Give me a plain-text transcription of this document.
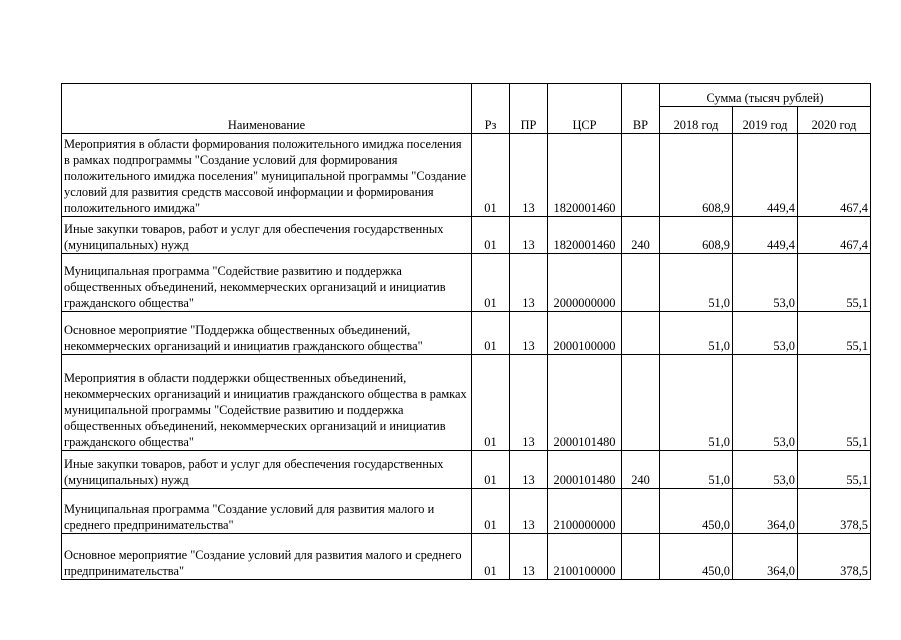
Наименование	Рз	ПР	ЦСР	ВР	Сумма (тысяч рублей)		
					2018 год	2019 год	2020 год
Мероприятия в области формирования положительного имиджа поселения в рамках подпрограммы "Создание условий для формирования положительного имиджа поселения" муниципальной программы "Создание условий для развития средств массовой информации и формирования положительного имиджа"	01	13	1820001460		608,9	449,4	467,4
Иные закупки товаров, работ и услуг для обеспечения государственных (муниципальных) нужд	01	13	1820001460	240	608,9	449,4	467,4
Муниципальная программа "Содействие развитию и поддержка общественных объединений, некоммерческих организаций и инициатив гражданского общества"	01	13	2000000000		51,0	53,0	55,1
Основное мероприятие "Поддержка общественных объединений, некоммерческих организаций и инициатив гражданского общества"	01	13	2000100000		51,0	53,0	55,1
Мероприятия в области поддержки общественных объединений, некоммерческих организаций и инициатив гражданского общества в рамках муниципальной программы "Содействие развитию и поддержка общественных объединений, некоммерческих организаций и инициатив гражданского общества"	01	13	2000101480		51,0	53,0	55,1
Иные закупки товаров, работ и услуг для обеспечения государственных (муниципальных) нужд	01	13	2000101480	240	51,0	53,0	55,1
Муниципальная программа "Создание условий для развития малого и среднего предпринимательства"	01	13	2100000000		450,0	364,0	378,5
Основное мероприятие "Создание условий для развития малого и среднего предпринимательства"	01	13	2100100000		450,0	364,0	378,5
